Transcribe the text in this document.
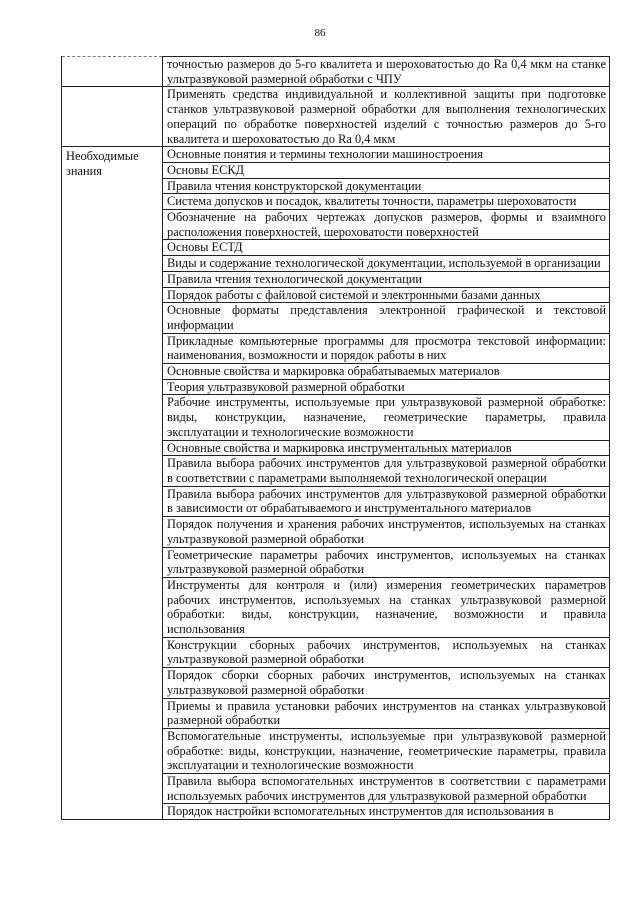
86
	точностью размеров до 5-го квалитета и шероховатостью до Ra 0,4 мкм на станке ультразвуковой размерной обработки с ЧПУ
	Применять средства индивидуальной и коллективной защиты при подготовке станков ультразвуковой размерной обработки для выполнения технологических операций по обработке поверхностей изделий с точностью размеров до 5-го квалитета и шероховатостью до Ra 0,4 мкм
Необходимые знания	Основные понятия и термины технологии машиностроения
	Основы ЕСКД
	Правила чтения конструкторской документации
	Система допусков и посадок, квалитеты точности, параметры шероховатости
	Обозначение на рабочих чертежах допусков размеров, формы и взаимного расположения поверхностей, шероховатости поверхностей
	Основы ЕСТД
	Виды и содержание технологической документации, используемой в организации
	Правила чтения технологической документации
	Порядок работы с файловой системой и электронными базами данных
	Основные форматы представления электронной графической и текстовой информации
	Прикладные компьютерные программы для просмотра текстовой информации: наименования, возможности и порядок работы в них
	Основные свойства и маркировка обрабатываемых материалов
	Теория ультразвуковой размерной обработки
	Рабочие инструменты, используемые при ультразвуковой размерной обработке: виды, конструкции, назначение, геометрические параметры, правила эксплуатации и технологические возможности
	Основные свойства и маркировка инструментальных материалов
	Правила выбора рабочих инструментов для ультразвуковой размерной обработки в соответствии с параметрами выполняемой технологической операции
	Правила выбора рабочих инструментов для ультразвуковой размерной обработки в зависимости от обрабатываемого и инструментального материалов
	Порядок получения и хранения рабочих инструментов, используемых на станках ультразвуковой размерной обработки
	Геометрические параметры рабочих инструментов, используемых на станках ультразвуковой размерной обработки
	Инструменты для контроля и (или) измерения геометрических параметров рабочих инструментов, используемых на станках ультразвуковой размерной обработки: виды, конструкции, назначение, возможности и правила использования
	Конструкции сборных рабочих инструментов, используемых на станках ультразвуковой размерной обработки
	Порядок сборки сборных рабочих инструментов, используемых на станках ультразвуковой размерной обработки
	Приемы и правила установки рабочих инструментов на станках ультразвуковой размерной обработки
	Вспомогательные инструменты, используемые при ультразвуковой размерной обработке: виды, конструкции, назначение, геометрические параметры, правила эксплуатации и технологические возможности
	Правила выбора вспомогательных инструментов в соответствии с параметрами используемых рабочих инструментов для ультразвуковой размерной обработки
	Порядок настройки вспомогательных инструментов для использования в
